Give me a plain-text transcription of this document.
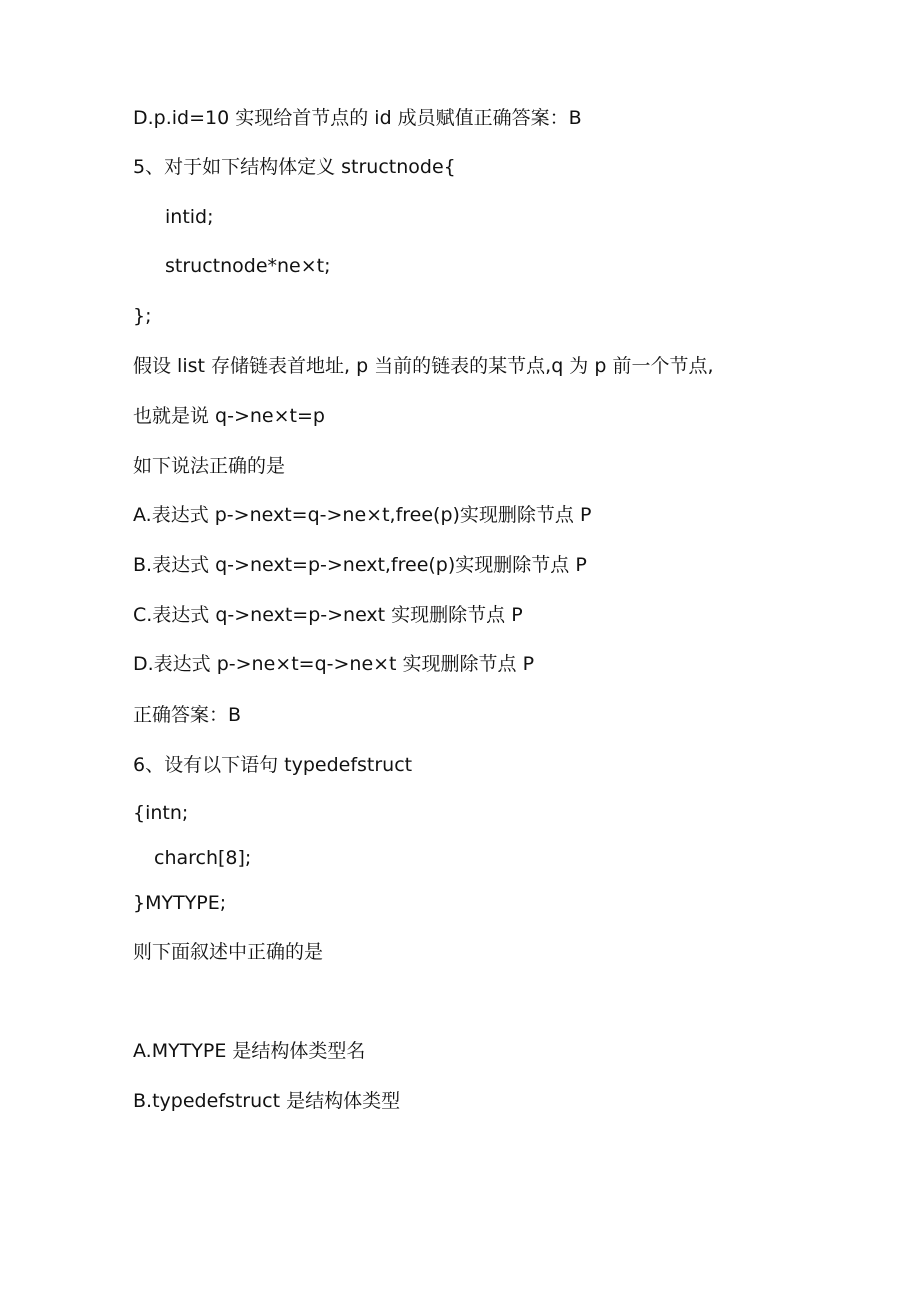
D.p.id=10 实现给首节点的 id 成员赋值正确答案：B
5、对于如下结构体定义 structnode{
intid;
structnode*ne×t;
};
假设 list 存储链表首地址, p 当前的链表的某节点,q 为 p 前一个节点,
也就是说 q->ne×t=p
如下说法正确的是
A.表达式 p->next=q->ne×t,free(p)实现删除节点 P
B.表达式 q->next=p->next,free(p)实现删除节点 P
C.表达式 q->next=p->next 实现删除节点 P
D.表达式 p->ne×t=q->ne×t 实现删除节点 P
正确答案：B
6、设有以下语句 typedefstruct
{intn;
charch[8];
}MYTYPE;
则下面叙述中正确的是
A.MYTYPE 是结构体类型名
B.typedefstruct 是结构体类型
